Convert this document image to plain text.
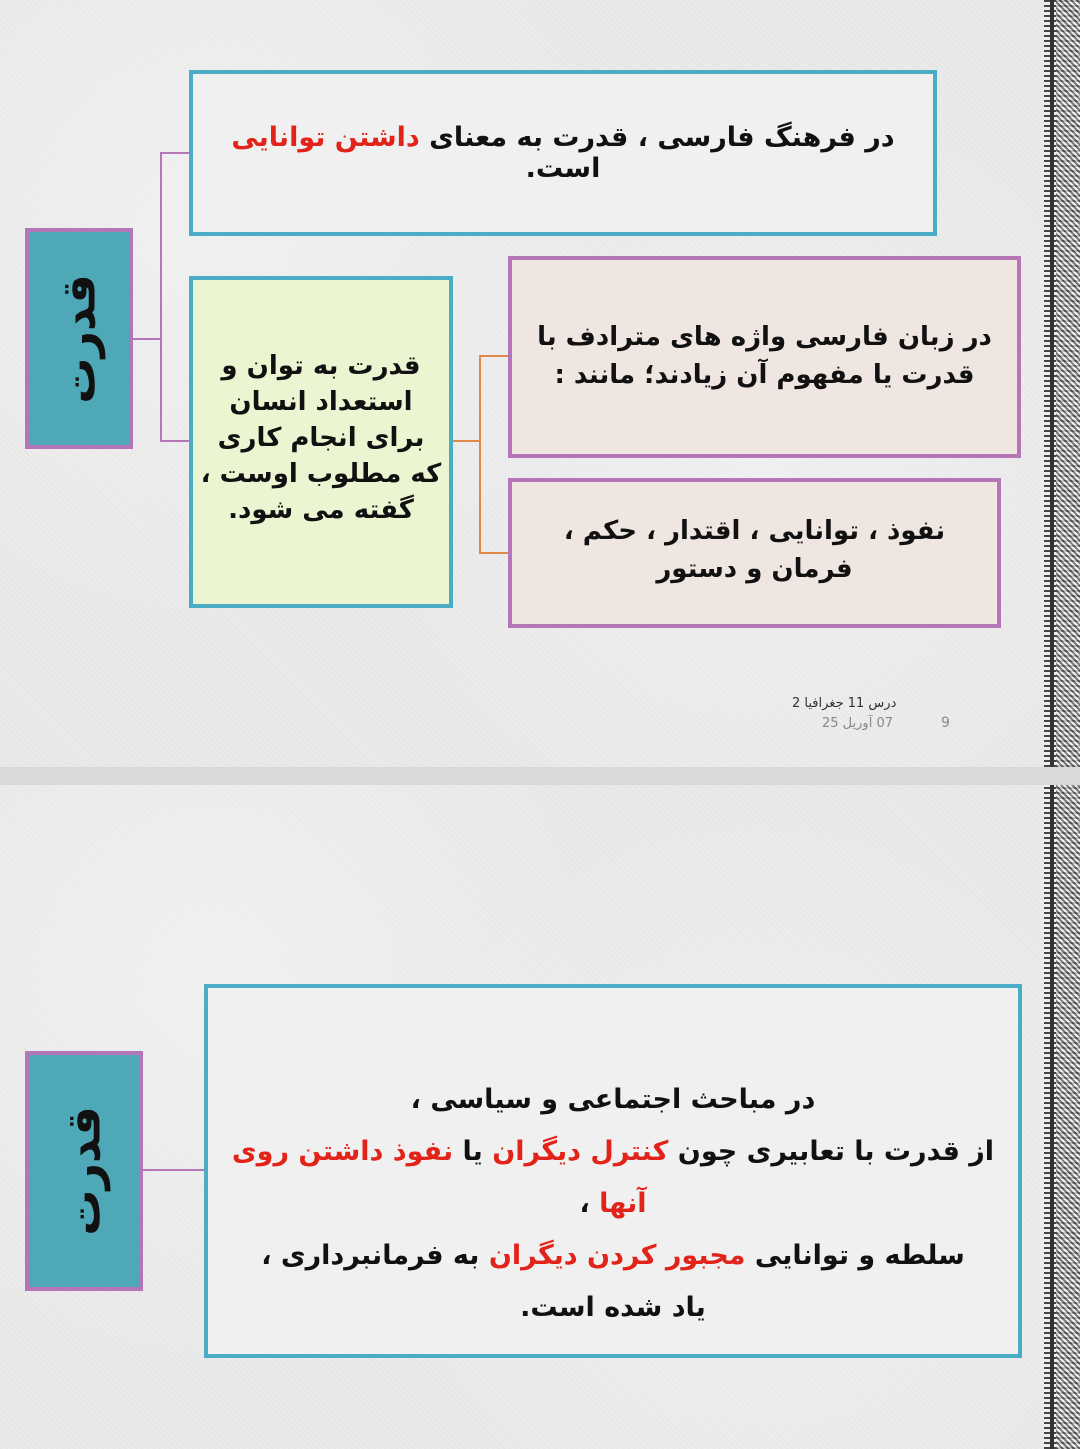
قدرت
در فرهنگ فارسی ، قدرت به معنای داشتن توانایی است.
قدرت به توان و استعداد انسان برای انجام کاری که مطلوب اوست ، گفته می شود.
در زبان فارسی واژه های مترادف با قدرت یا مفهوم آن زیادند؛ مانند :
نفوذ ، توانایی ، اقتدار ، حکم ، فرمان و دستور
درس 11 جغرافیا 2
07 آوریل 25	9
قدرت
در مباحث اجتماعی و سیاسی ،
از قدرت با تعابیری چون کنترل دیگران یا نفوذ داشتن روی آنها ،
سلطه و توانایی مجبور کردن دیگران به فرمانبرداری ،
یاد شده است.
